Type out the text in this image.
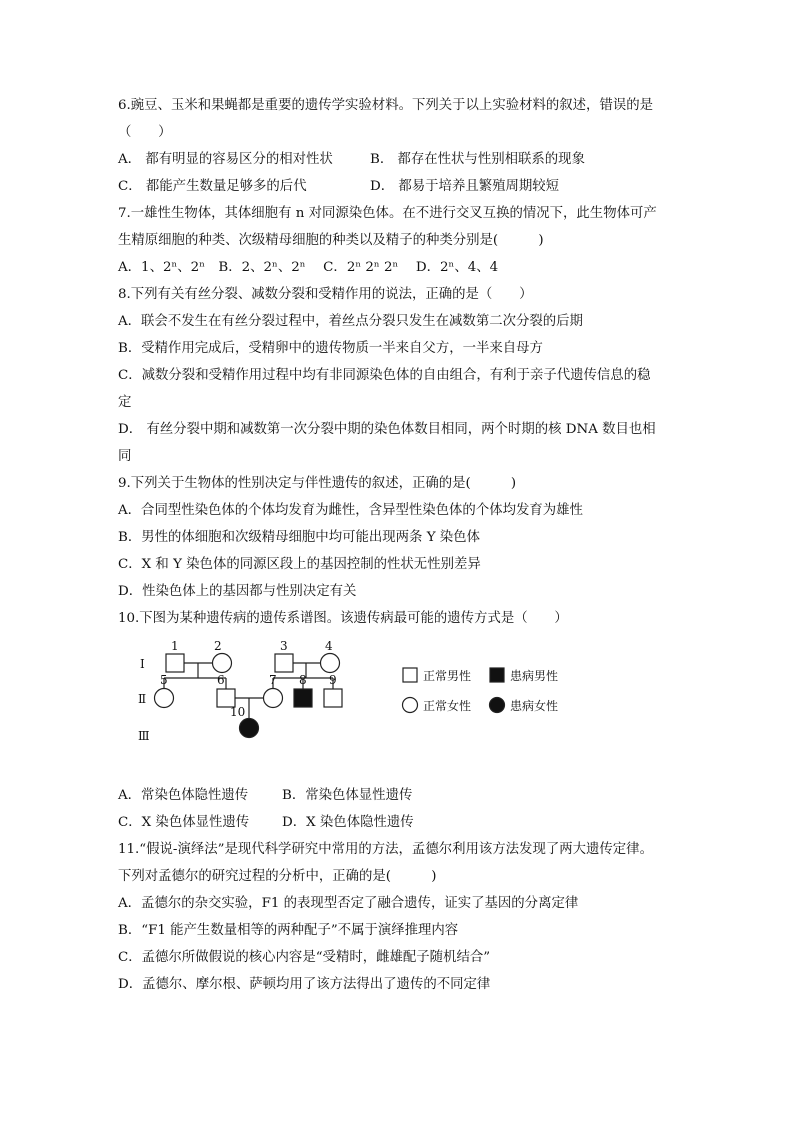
6.豌豆、玉米和果蝇都是重要的遗传学实验材料。下列关于以上实验材料的叙述，错误的是
（　　）
A． 都有明显的容易区分的相对性状	B． 都存在性状与性别相联系的现象
C． 都能产生数量足够多的后代	D． 都易于培养且繁殖周期较短
7.一雄性生物体，其体细胞有 n 对同源染色体。在不进行交叉互换的情况下，此生物体可产
生精原细胞的种类、次级精母细胞的种类以及精子的种类分别是(　　　)
A．1、2ⁿ、2ⁿ　B．2、2ⁿ、2ⁿ　 C．2ⁿ 2ⁿ 2ⁿ　 D．2ⁿ、4、4
8.下列有关有丝分裂、减数分裂和受精作用的说法，正确的是（　　）
A．联会不发生在有丝分裂过程中，着丝点分裂只发生在减数第二次分裂的后期
B．受精作用完成后，受精卵中的遗传物质一半来自父方，一半来自母方
C．减数分裂和受精作用过程中均有非同源染色体的自由组合，有利于亲子代遗传信息的稳
定
D． 有丝分裂中期和减数第一次分裂中期的染色体数目相同，两个时期的核 DNA 数目也相
同
9.下列关于生物体的性别决定与伴性遗传的叙述，正确的是(　　　)
A．合同型性染色体的个体均发育为雌性，含异型性染色体的个体均发育为雄性
B．男性的体细胞和次级精母细胞中均可能出现两条 Y 染色体
C．X 和 Y 染色体的同源区段上的基因控制的性状无性别差异
D．性染色体上的基因都与性别决定有关
10.下图为某种遗传病的遗传系谱图。该遗传病最可能的遗传方式是（　　）
Ⅰ
Ⅱ
Ⅲ
1	2	3	4
5	6	7 8 9
10
正常男性	患病男性
正常女性	患病女性
A．常染色体隐性遗传	B．常染色体显性遗传
C．X 染色体显性遗传	D．X 染色体隐性遗传
11.“假说-演绎法”是现代科学研究中常用的方法，孟德尔利用该方法发现了两大遗传定律。
下列对孟德尔的研究过程的分析中，正确的是(　　　)
A．孟德尔的杂交实验，F1 的表现型否定了融合遗传，证实了基因的分离定律
B．“F1 能产生数量相等的两种配子”不属于演绎推理内容
C．孟德尔所做假说的核心内容是“受精时，雌雄配子随机结合”
D．孟德尔、摩尔根、萨顿均用了该方法得出了遗传的不同定律
